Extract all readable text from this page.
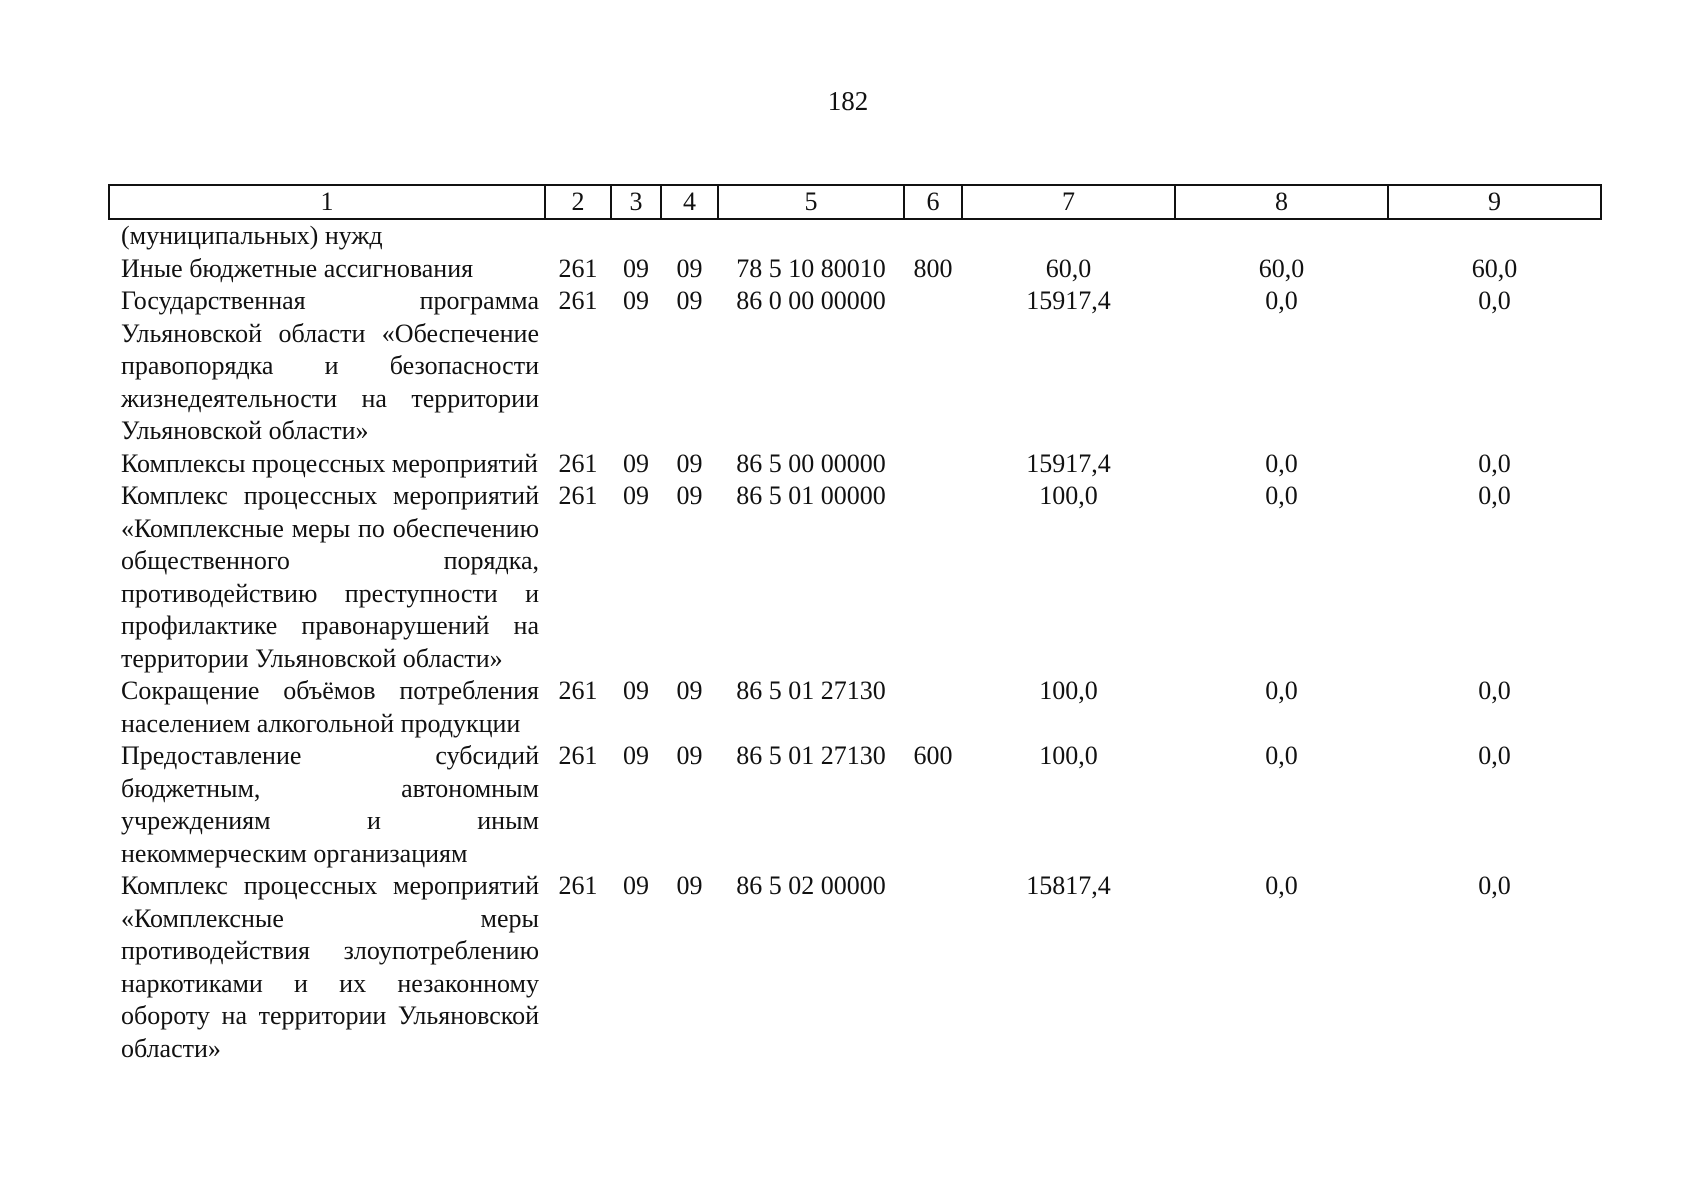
182
1	2	3	4	5	6	7	8	9
(муниципальных) нужд								
Иные бюджетные ассигнования	261	09	09	78 5 10 80010	800	60,0	60,0	60,0
Государственная программа Ульяновской области «Обеспечение правопорядка и безопасности жизнедеятельности на территории Ульяновской области»	261	09	09	86 0 00 00000		15917,4	0,0	0,0
Комплексы процессных мероприятий	261	09	09	86 5 00 00000		15917,4	0,0	0,0
Комплекс процессных мероприятий «Комплексные меры по обеспечению общественного порядка, противодействию преступности и профилактике правонарушений на территории Ульяновской области»	261	09	09	86 5 01 00000		100,0	0,0	0,0
Сокращение объёмов потребления населением алкогольной продукции	261	09	09	86 5 01 27130		100,0	0,0	0,0
Предоставление субсидий бюджетным, автономным учреждениям и иным некоммерческим организациям	261	09	09	86 5 01 27130	600	100,0	0,0	0,0
Комплекс процессных мероприятий «Комплексные меры противодействия злоупотреблению наркотиками и их незаконному обороту на территории Ульяновской области»	261	09	09	86 5 02 00000		15817,4	0,0	0,0
